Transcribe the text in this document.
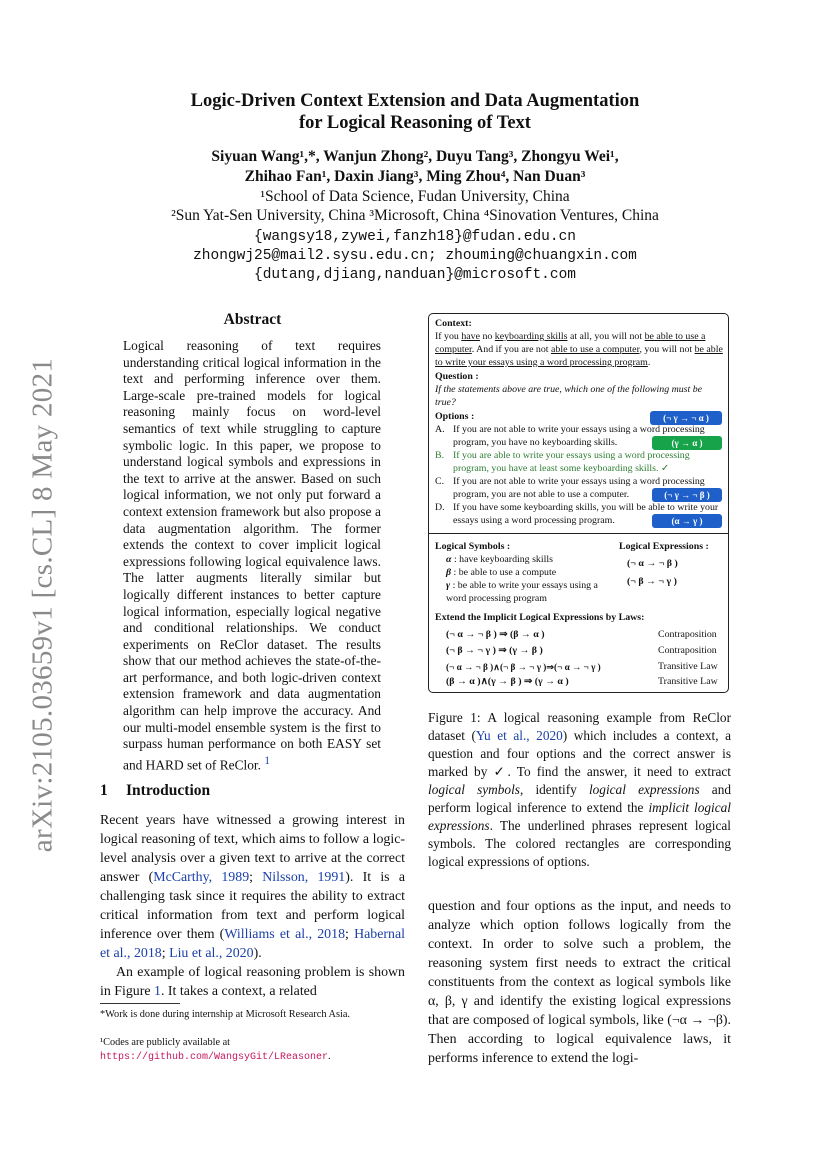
arXiv:2105.03659v1 [cs.CL] 8 May 2021
Logic-Driven Context Extension and Data Augmentation
for Logical Reasoning of Text
Siyuan Wang¹,*, Wanjun Zhong², Duyu Tang³, Zhongyu Wei¹,
Zhihao Fan¹, Daxin Jiang³, Ming Zhou⁴, Nan Duan³
¹School of Data Science, Fudan University, China
²Sun Yat-Sen University, China ³Microsoft, China ⁴Sinovation Ventures, China
{wangsy18,zywei,fanzh18}@fudan.edu.cn
zhongwj25@mail2.sysu.edu.cn; zhouming@chuangxin.com
{dutang,djiang,nanduan}@microsoft.com
Abstract
Logical reasoning of text requires understanding critical logical information in the text and performing inference over them. Large-scale pre-trained models for logical reasoning mainly focus on word-level semantics of text while struggling to capture symbolic logic. In this paper, we propose to understand logical symbols and expressions in the text to arrive at the answer. Based on such logical information, we not only put forward a context extension framework but also propose a data augmentation algorithm. The former extends the context to cover implicit logical expressions following logical equivalence laws. The latter augments literally similar but logically different instances to better capture logical information, especially logical negative and conditional relationships. We conduct experiments on ReClor dataset. The results show that our method achieves the state-of-the-art performance, and both logic-driven context extension framework and data augmentation algorithm can help improve the accuracy. And our multi-model ensemble system is the first to surpass human performance on both EASY set and HARD set of ReClor. $^1$
1 Introduction

Recent years have witnessed a growing interest in logical reasoning of text, which aims to follow a logic-level analysis over a given text to arrive at the correct answer (McCarthy, 1989; Nilsson, 1991). It is a challenging task since it requires the ability to extract critical information from text and perform logical inference over them (Williams et al., 2018; Habernal et al., 2018; Liu et al., 2020).

An example of logical reasoning problem is shown in Figure 1. It takes a context, a related

*Work is done during internship at Microsoft Research Asia.
¹Codes are publicly available at https://github.com/WangsyGit/LReasoner.
Context:
If you have no keyboarding skills at all, you will not be able to use a computer. And if you are not able to use a computer, you will not be able to write your essays using a word processing program.
Question :
If the statements above are true, which one of the following must be true?
Options :	(¬ γ → ¬ α )
A. If you are not able to write your essays using a word processing program, you have no keyboarding skills.	(γ → α )
B. If you are able to write your essays using a word processing program, you have at least some keyboarding skills. ✓
C. If you are not able to write your essays using a word processing program, you are not able to use a computer.	(¬ γ → ¬ β )
D. If you have some keyboarding skills, you will be able to write your essays using a word processing program.	(α → γ )
Logical Symbols :	Logical Expressions :
α : have keyboarding skills
β : be able to use a compute
γ : be able to write your essays using a word processing program
(¬ α → ¬ β )
(¬ β → ¬ γ )
Extend the Implicit Logical Expressions by Laws:
(¬ α → ¬ β ) ⇒ (β → α )	Contraposition
(¬ β → ¬ γ ) ⇒ (γ → β )	Contraposition
(¬ α → ¬ β )∧(¬ β → ¬ γ )⇒(¬ α → ¬ γ )	Transitive Law
(β → α )∧(γ → β ) ⇒ (γ → α )	Transitive Law
Figure 1: A logical reasoning example from ReClor dataset (Yu et al., 2020) which includes a context, a question and four options and the correct answer is marked by ✓. To find the answer, it need to extract logical symbols, identify logical expressions and perform logical inference to extend the implicit logical expressions. The underlined phrases represent logical symbols. The colored rectangles are corresponding logical expressions of options.
question and four options as the input, and needs to analyze which option follows logically from the context. In order to solve such a problem, the reasoning system first needs to extract the critical constituents from the context as logical symbols like α, β, γ and identify the existing logical expressions that are composed of logical symbols, like (¬α → ¬β). Then according to logical equivalence laws, it performs inference to extend the logi-
